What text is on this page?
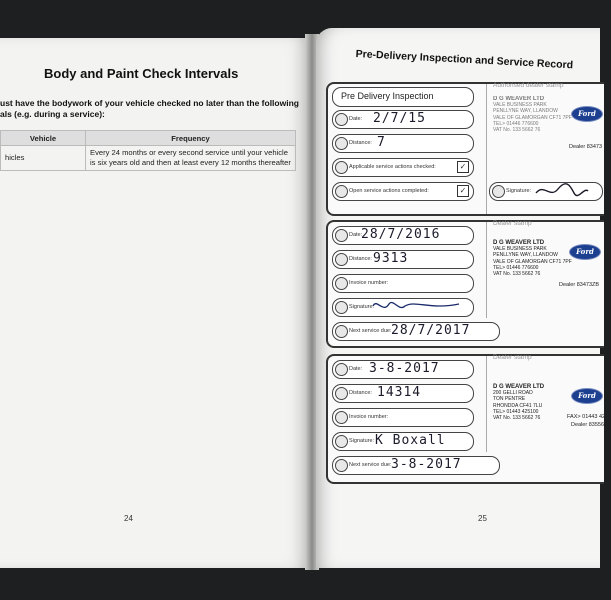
Body and Paint Check Intervals
ust have the bodywork of your vehicle checked no later than the following
als (e.g. during a service):
Vehicle	Frequency

hicles	Every 24 months or every second service until your vehicle
is six years old and then at least every 12 months thereafter
24
Pre-Delivery Inspection and Service Record
Pre Delivery Inspection
Date: 2/7/15
Distance: 7
Applicable service actions checked:	✓
Open service actions completed:	✓
Authorised dealer stamp
D G WEAVER LTD
VALE BUSINESS PARK
PENLLYNE WAY, LLANDOW
VALE OF GLAMORGAN CF71 7PF
TEL> 01446 776600
VAT No. 133 5662 76
Ford
Dealer 83473
Signature:
Date:
28/7/2016
Distance: 9313
Invoice number:
Signature:
Next service due: 28/7/2017
Dealer stamp
D G WEAVER LTD
VALE BUSINESS PARK
PENLLYNE WAY, LLANDOW
VALE OF GLAMORGAN CF71 7PF
TEL> 01446 776600
VAT No. 133 5662 76
Ford
Dealer 83473ZB
Date: 3-8-2017
Distance: 14314
Invoice number:
Signature: K Boxall
Next service due: 3-8-2017
Dealer stamp
D G WEAVER LTD
200 GELLI ROAD
TON PENTRE
RHONDDA CF41 7LU
TEL> 01443 425100
VAT No. 133 5662 76
Ford
FAX> 01443 4251
Dealer 83556
25
